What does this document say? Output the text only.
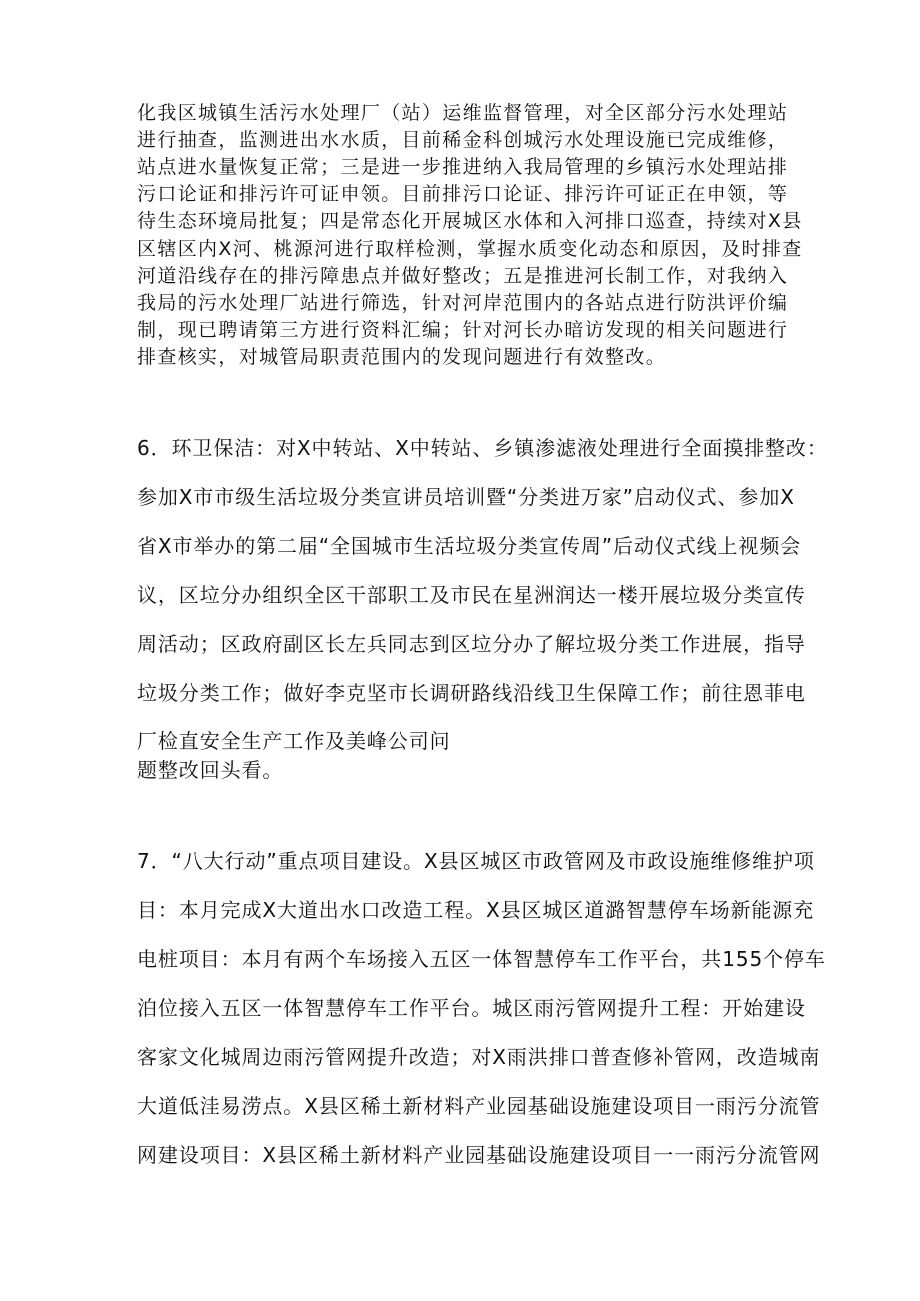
化我区城镇生活污水处理厂（站）运维监督管理，对全区部分污水处理站
进行抽查，监测进出水水质，目前稀金科创城污水处理设施已完成维修，
站点进水量恢复正常；三是进一步推进纳入我局管理的乡镇污水处理站排
污口论证和排污许可证申领。目前排污口论证、排污许可证正在申领，等
待生态环境局批复；四是常态化开展城区水体和入河排口巡查，持续对X县
区辖区内X河、桃源河进行取样检测，掌握水质变化动态和原因，及时排查
河道沿线存在的排污障患点并做好整改；五是推进河长制工作，对我纳入
我局的污水处理厂站进行筛选，针对河岸范围内的各站点进行防洪评价编
制，现已聘请第三方进行资料汇编；针对河长办暗访发现的相关问题进行
排查核实，对城管局职责范围内的发现问题进行有效整改。
6．环卫保洁：对X中转站、X中转站、乡镇渗滤液处理进行全面摸排整改：
参加X市市级生活垃圾分类宣讲员培训暨“分类进万家”启动仪式、参加X
省X市举办的第二届“全国城市生活垃圾分类宣传周”后动仪式线上视频会
议，区垃分办组织全区干部职工及市民在星洲润达一楼开展垃圾分类宣传
周活动；区政府副区长左兵同志到区垃分办了解垃圾分类工作进展，指导
垃圾分类工作；做好李克坚市长调研路线沿线卫生保障工作；前往恩菲电
厂检直安全生产工作及美峰公司问
题整改回头看。
7．“八大行动”重点项目建设。X县区城区市政管网及市政设施维修维护项
目：本月完成X大道出水口改造工程。X县区城区道潞智慧停车场新能源充
电桩项目：本月有两个车场接入五区一体智慧停车工作平台，共155个停车
泊位接入五区一体智慧停车工作平台。城区雨污管网提升工程：开始建设
客家文化城周边雨污管网提升改造；对X雨洪排口普查修补管网，改造城南
大道低洼易涝点。X县区稀土新材料产业园基础设施建设项目一雨污分流管
网建设项目：X县区稀土新材料产业园基础设施建设项目一一雨污分流管网
